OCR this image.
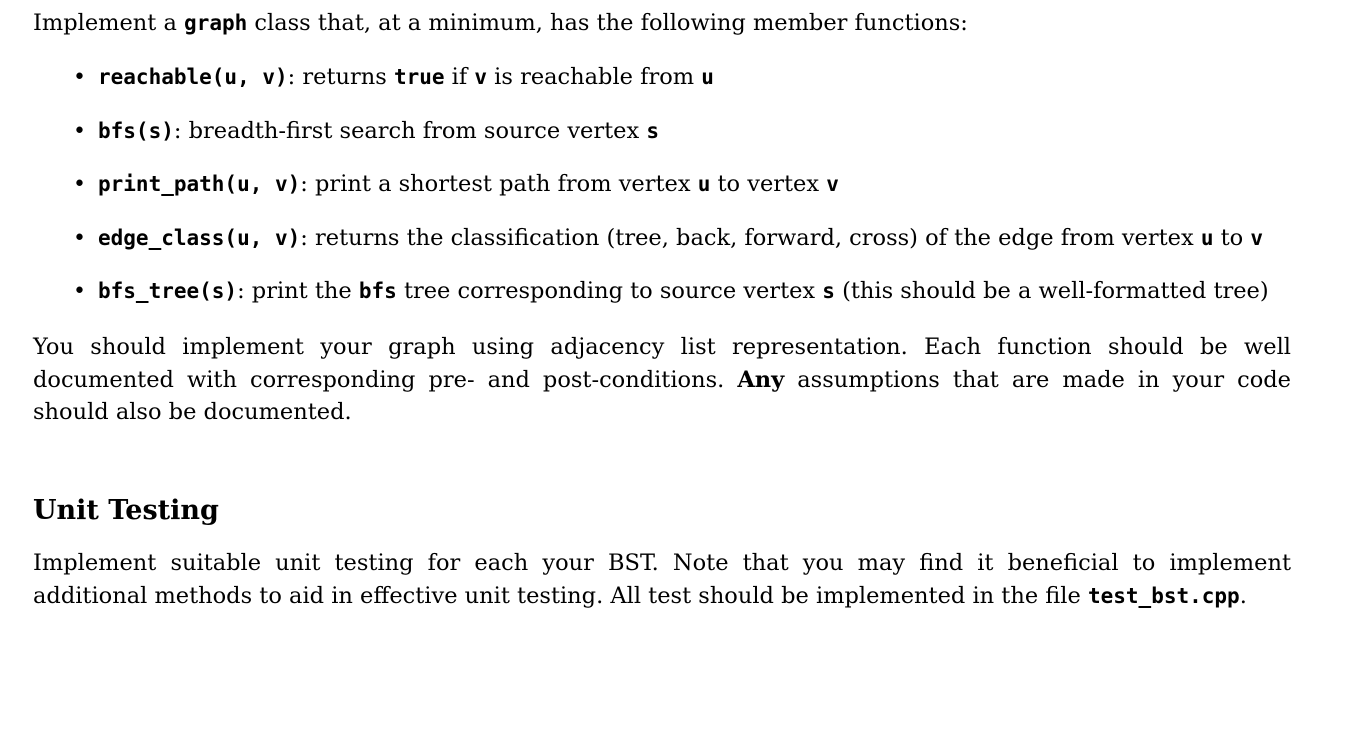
Implement a graph class that, at a minimum, has the following member functions:
• reachable(u, v): returns true if v is reachable from u
• bfs(s): breadth-first search from source vertex s
• print_path(u, v): print a shortest path from vertex u to vertex v
• edge_class(u, v): returns the classification (tree, back, forward, cross) of the edge from vertex u to v
• bfs_tree(s): print the bfs tree corresponding to source vertex s (this should be a well-formatted tree)
You should implement your graph using adjacency list representation. Each function should be well documented with corresponding pre- and post-conditions. Any assumptions that are made in your code should also be documented.
Unit Testing
Implement suitable unit testing for each your BST. Note that you may find it beneficial to implement additional methods to aid in effective unit testing. All test should be implemented in the file test_bst.cpp.
